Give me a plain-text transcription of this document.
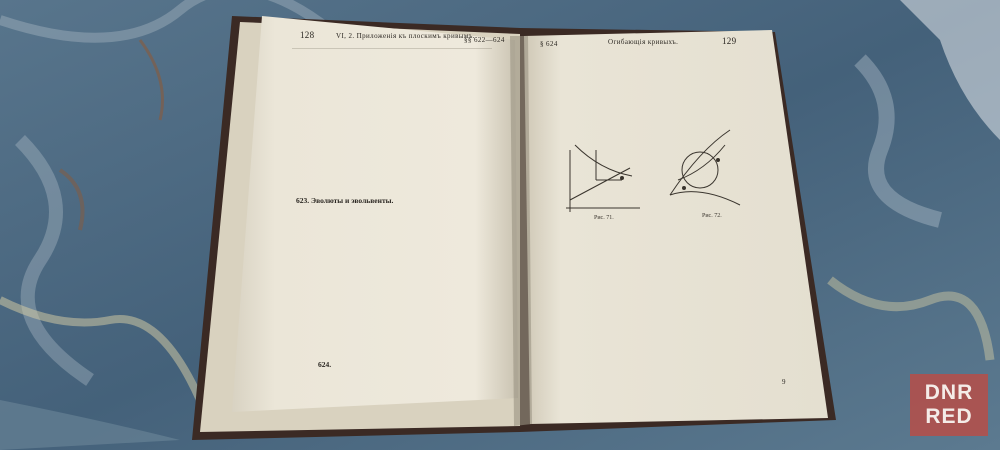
128	VI, 2. Приложенія къ плоскимъ кривымъ.
§§ 622—624
623. Эволюты и эвольвенты.
624.
§ 624	Огибающія кривыхъ.	129
Рис. 71.	Рис. 72.
9	DNR
RED
